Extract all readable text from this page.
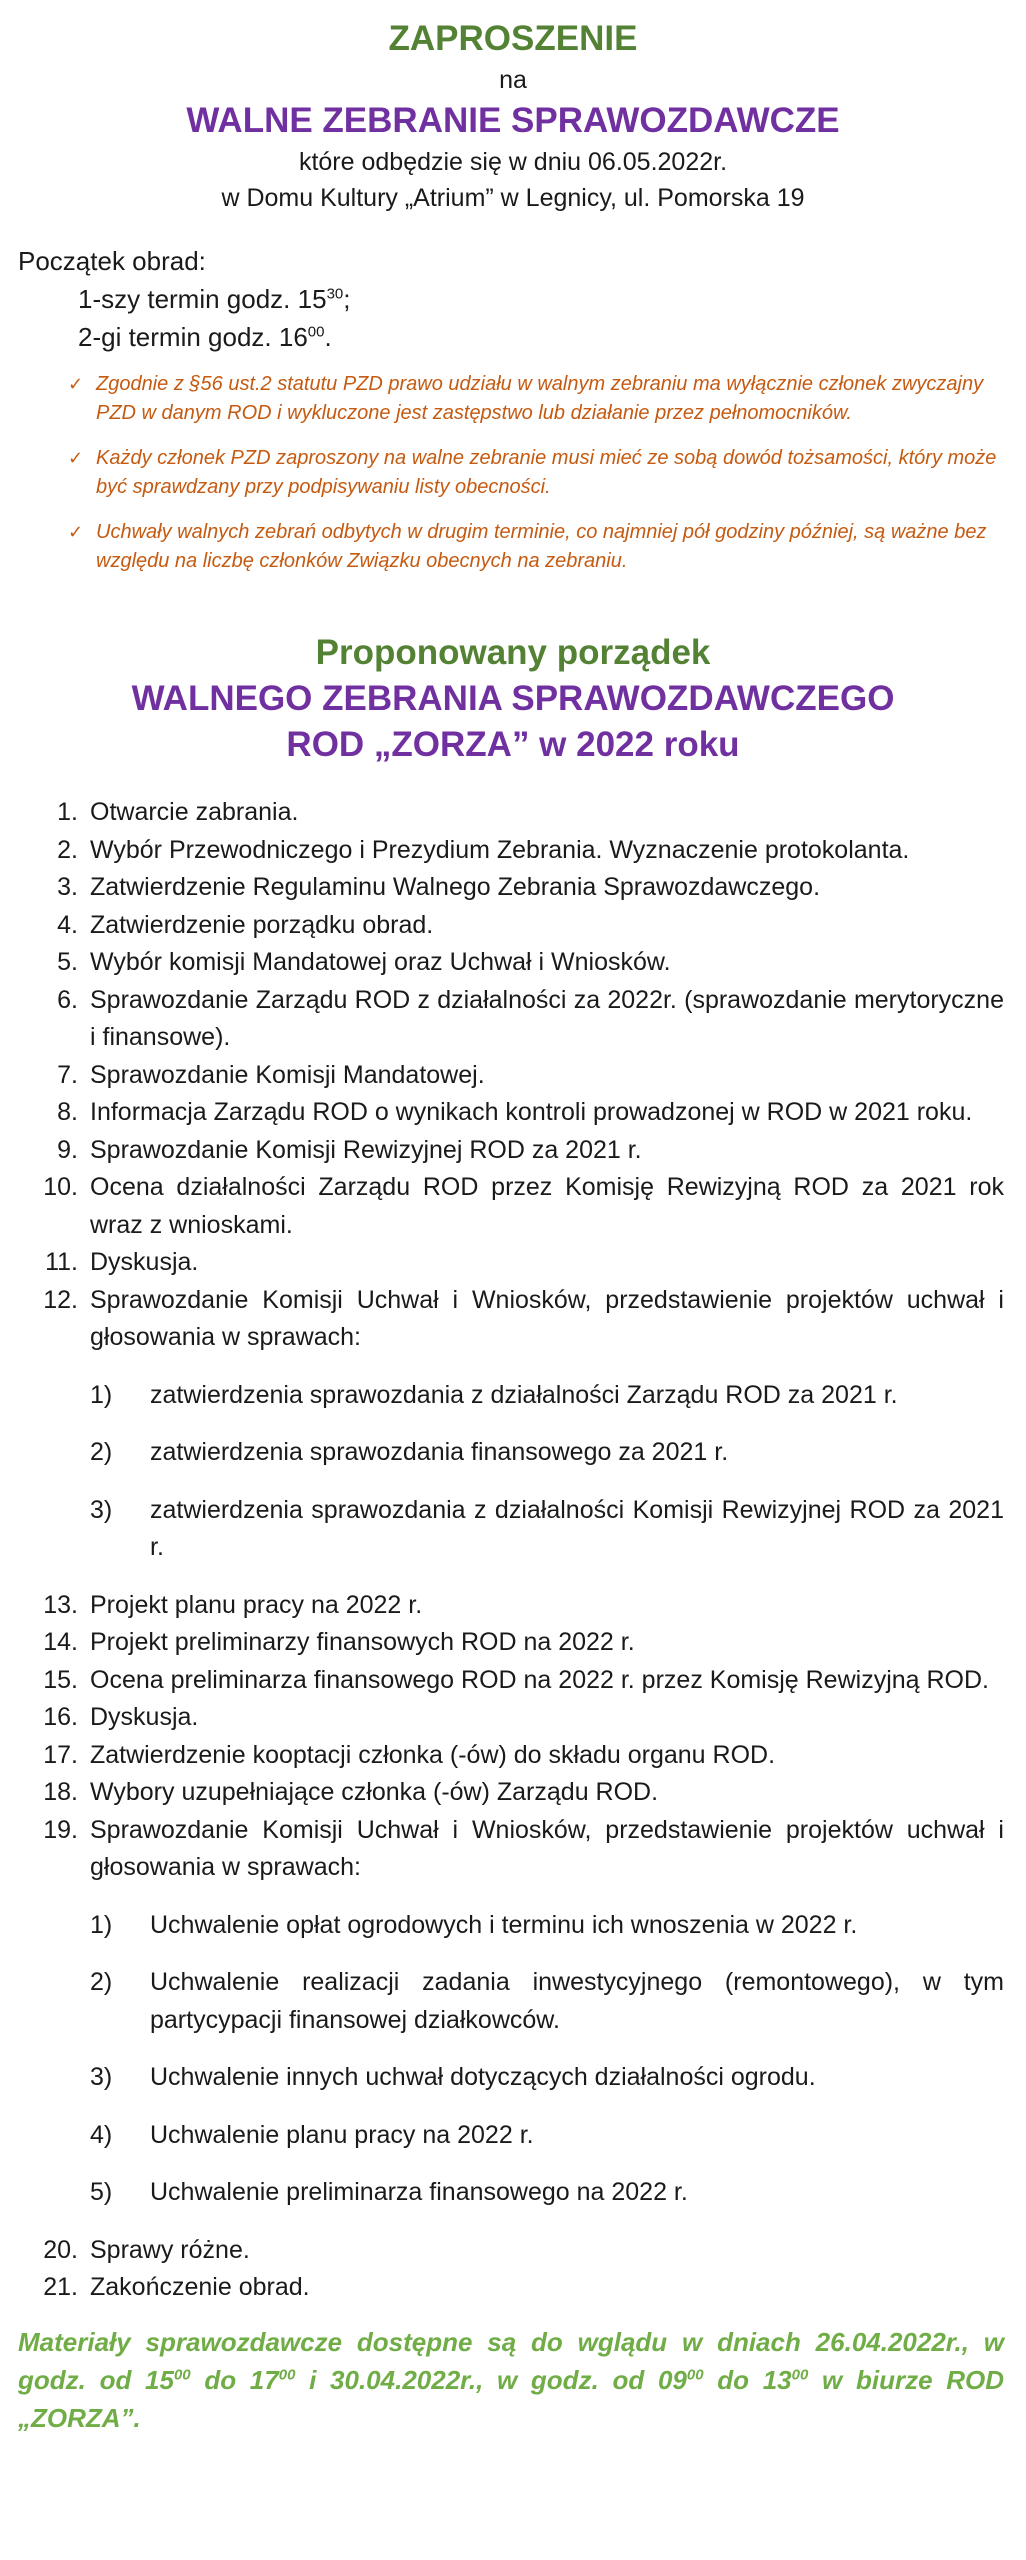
ZAPROSZENIE
na
WALNE ZEBRANIE SPRAWOZDAWCZE
które odbędzie się w dniu 06.05.2022r.
w Domu Kultury „Atrium” w Legnicy, ul. Pomorska 19
Początek obrad:
1-szy termin godz. $15^{30}$;
2-gi termin godz. $16^{00}$.
✓ Zgodnie z §56 ust.2 statutu PZD prawo udziału w walnym zebraniu ma wyłącznie członek zwyczajny PZD w danym ROD i wykluczone jest zastępstwo lub działanie przez pełnomocników.
✓ Każdy członek PZD zaproszony na walne zebranie musi mieć ze sobą dowód tożsamości, który może być sprawdzany przy podpisywaniu listy obecności.
✓ Uchwały walnych zebrań odbytych w drugim terminie, co najmniej pół godziny później, są ważne bez względu na liczbę członków Związku obecnych na zebraniu.
Proponowany porządek
WALNEGO ZEBRANIA SPRAWOZDAWCZEGO
ROD „ZORZA” w 2022 roku
1. Otwarcie zabrania.
2. Wybór Przewodniczego i Prezydium Zebrania. Wyznaczenie protokolanta.
3. Zatwierdzenie Regulaminu Walnego Zebrania Sprawozdawczego.
4. Zatwierdzenie porządku obrad.
5. Wybór komisji Mandatowej oraz Uchwał i Wniosków.
6. Sprawozdanie Zarządu ROD z działalności za 2022r. (sprawozdanie merytoryczne i finansowe).
7. Sprawozdanie Komisji Mandatowej.
8. Informacja Zarządu ROD o wynikach kontroli prowadzonej w ROD w 2021 roku.
9. Sprawozdanie Komisji Rewizyjnej ROD za 2021 r.
10. Ocena działalności Zarządu ROD przez Komisję Rewizyjną ROD za 2021 rok wraz z wnioskami.
11. Dyskusja.
12. Sprawozdanie Komisji Uchwał i Wniosków, przedstawienie projektów uchwał i głosowania w sprawach:
1) zatwierdzenia sprawozdania z działalności Zarządu ROD za 2021 r.
2) zatwierdzenia sprawozdania finansowego za 2021 r.
3) zatwierdzenia sprawozdania z działalności Komisji Rewizyjnej ROD za 2021 r.
13. Projekt planu pracy na 2022 r.
14. Projekt preliminarzy finansowych ROD na 2022 r.
15. Ocena preliminarza finansowego ROD na 2022 r. przez Komisję Rewizyjną ROD.
16. Dyskusja.
17. Zatwierdzenie kooptacji członka (-ów) do składu organu ROD.
18. Wybory uzupełniające członka (-ów) Zarządu ROD.
19. Sprawozdanie Komisji Uchwał i Wniosków, przedstawienie projektów uchwał i głosowania w sprawach:
1) Uchwalenie opłat ogrodowych i terminu ich wnoszenia w 2022 r.
2) Uchwalenie realizacji zadania inwestycyjnego (remontowego), w tym partycypacji finansowej działkowców.
3) Uchwalenie innych uchwał dotyczących działalności ogrodu.
4) Uchwalenie planu pracy na 2022 r.
5) Uchwalenie preliminarza finansowego na 2022 r.
20. Sprawy różne.
21. Zakończenie obrad.
Materiały sprawozdawcze dostępne są do wglądu w dniach 26.04.2022r., w godz. od $15^{00}$ do $17^{00}$ i 30.04.2022r., w godz. od $09^{00}$ do $13^{00}$ w biurze ROD „ZORZA”.
